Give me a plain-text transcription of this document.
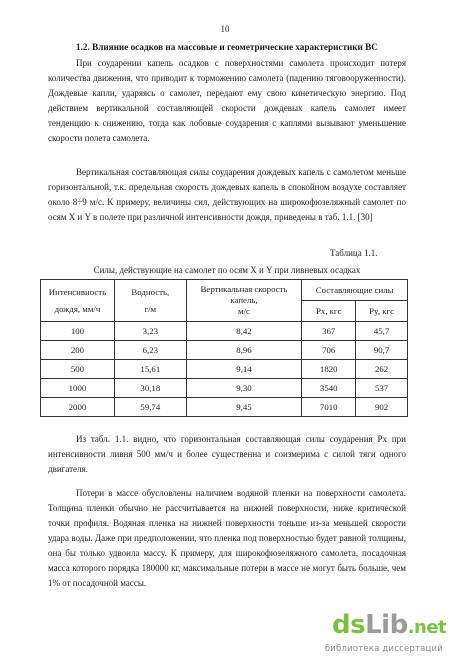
10
1.2. Влияние осадков на массовые и геометрические характеристики ВС

При соударении капель осадков с поверхностями самолета происходит потеря количества движения, что приводит к торможению самолета (падению тяговооруженности). Дождевые капли, ударяясь о самолет, передают ему свою кинетическую энергию. Под действием вертикальной составляющей скорости дождевых капель самолет имеет тенденцию к снижению, тогда как лобовые соударения с каплями вызывают уменьшение скорости полета самолета.

Вертикальная составляющая силы соударения дождевых капель с самолетом меньше горизонтальной, т.к. предельная скорость дождевых капель в спокойном воздухе составляет около 8÷9 м/с. К примеру, величины сил, действующих на широкофюзеляжный самолет по осям X и Y в полете при различной интенсивности дождя, приведены в таб. 1.1. [30]

Таблица 1.1.
Силы, действующие на самолет по осям X и Y при ливневых осадках
Интенсивность
дождя, мм/ч	Водность,
г/м	Вертикальная скорость капель,
м/с	Составляющие силы	
			Px, кгс	Py, кгс
100	3,23	8,42	367	45,7
200	6,23	8,96	706	90,7
500	15,61	9,14	1820	262
1000	30,18	9,30	3540	537
2000	59,74	9,45	7010	902

Из табл. 1.1. видно, что горизонтальная составляющая силы соударения Px при интенсивности ливня 500 мм/ч и более существенна и соизмерима с силой тяги одного двигателя.

Потери в массе обусловлены наличием водяной пленки на поверхности самолета. Толщина пленки обычно не рассчитывается на нижней поверхности, ниже критической точки профиля. Водяная пленка на нижней поверхности тоньше из-за меньшей скорости удара воды. Даже при предположении, что пленка под поверхностью будет равной толщины, она бы только удвоила массу. К примеру, для широкофюзеляжного самолета, посадочная масса которого порядка 180000 кг, максимальные потери в массе не могут быть больше, чем 1% от посадочной массы.

dsLib.net
библиотека диссертаций
